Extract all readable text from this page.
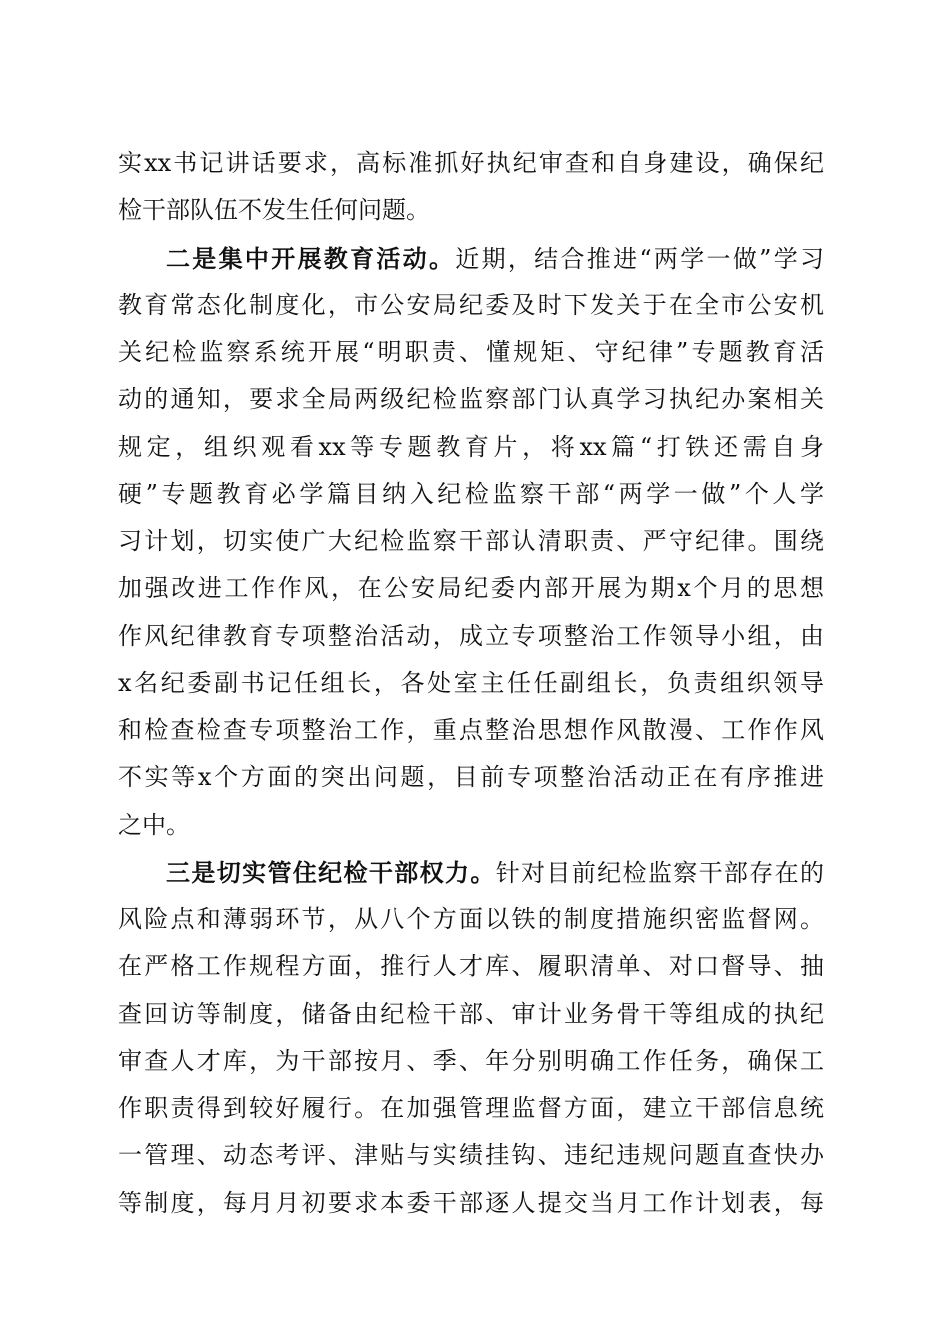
实xx书记讲话要求，高标准抓好执纪审查和自身建设，确保纪
检干部队伍不发生任何问题。
二是集中开展教育活动。近期，结合推进“两学一做”学习
教育常态化制度化，市公安局纪委及时下发关于在全市公安机
关纪检监察系统开展“明职责、懂规矩、守纪律”专题教育活
动的通知，要求全局两级纪检监察部门认真学习执纪办案相关
规定，组织观看xx等专题教育片，将xx篇“打铁还需自身
硬”专题教育必学篇目纳入纪检监察干部“两学一做”个人学
习计划，切实使广大纪检监察干部认清职责、严守纪律。围绕
加强改进工作作风，在公安局纪委内部开展为期x个月的思想
作风纪律教育专项整治活动，成立专项整治工作领导小组，由
x名纪委副书记任组长，各处室主任任副组长，负责组织领导
和检查检查专项整治工作，重点整治思想作风散漫、工作作风
不实等x个方面的突出问题，目前专项整治活动正在有序推进
之中。
三是切实管住纪检干部权力。针对目前纪检监察干部存在的
风险点和薄弱环节，从八个方面以铁的制度措施织密监督网。
在严格工作规程方面，推行人才库、履职清单、对口督导、抽
查回访等制度，储备由纪检干部、审计业务骨干等组成的执纪
审查人才库，为干部按月、季、年分别明确工作任务，确保工
作职责得到较好履行。在加强管理监督方面，建立干部信息统
一管理、动态考评、津贴与实绩挂钩、违纪违规问题直查快办
等制度，每月月初要求本委干部逐人提交当月工作计划表，每
